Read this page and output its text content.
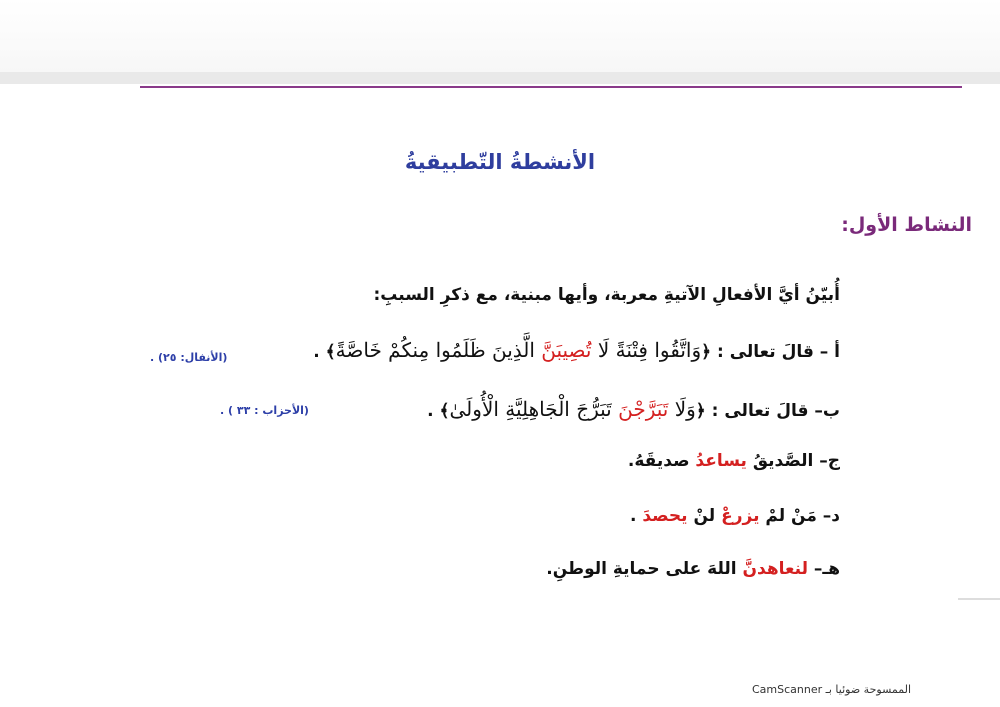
الأنشطةُ التّطبيقيةُ
النشاط الأول:
أُبيّنُ أيَّ الأفعالِ الآتيةِ معربة، وأيها مبنية، مع ذكرِ السببِ:
أ – قالَ تعالى : ﴿وَاتَّقُوا فِتْنَةً لَا تُصِيبَنَّ الَّذِينَ ظَلَمُوا مِنكُمْ خَاصَّةً﴾ .
(الأنفال: ٢٥) .
ب– قالَ تعالى : ﴿وَلَا تَبَرَّجْنَ تَبَرُّجَ الْجَاهِلِيَّةِ الْأُولَىٰ﴾ .
(الأحزاب : ٣٣ ) .
ج– الصَّديقُ يساعدُ صديقَهُ.
د– مَنْ لمْ يزرعْ لنْ يحصدَ .
هـ– لنعاهدنَّ اللهَ على حمايةِ الوطنِ.
الممسوحة ضوئيا بـ CamScanner
